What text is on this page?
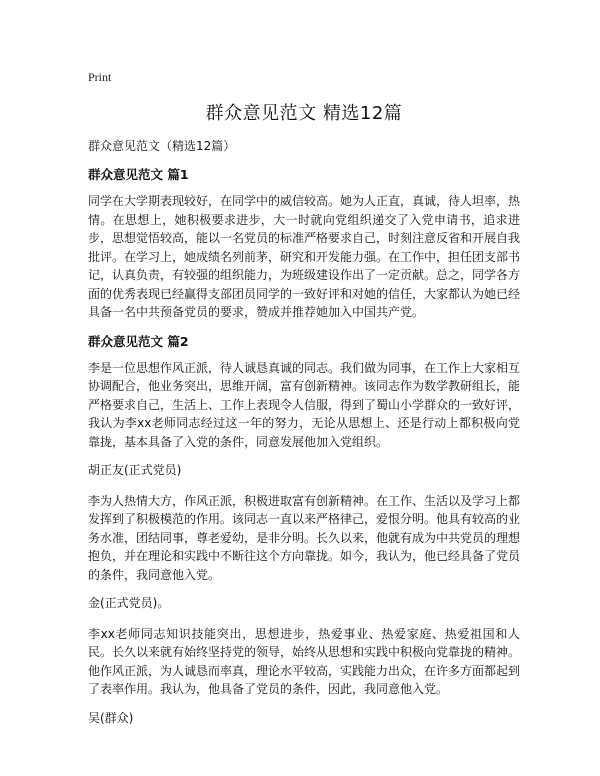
Print
群众意见范文 精选12篇
群众意见范文（精选12篇）
群众意见范文 篇1

同学在大学期表现较好，在同学中的威信较高。她为人正直，真诚，待人坦率，热情。在思想上，她积极要求进步，大一时就向党组织递交了入党申请书，追求进步，思想觉悟较高，能以一名党员的标准严格要求自己，时刻注意反省和开展自我批评。在学习上，她成绩名列前茅，研究和开发能力强。在工作中，担任团支部书记，认真负责，有较强的组织能力，为班级建设作出了一定贡献。总之，同学各方面的优秀表现已经赢得支部团员同学的一致好评和对她的信任，大家都认为她已经具备一名中共预备党员的要求，赞成并推荐她加入中国共产党。

群众意见范文 篇2

李是一位思想作风正派，待人诚恳真诚的同志。我们做为同事，在工作上大家相互协调配合，他业务突出，思维开阔，富有创新精神。该同志作为数学教研组长，能严格要求自己，生活上、工作上表现令人信服，得到了蜀山小学群众的一致好评，我认为李xx老师同志经过这一年的努力，无论从思想上、还是行动上都积极向党靠拢，基本具备了入党的条件，同意发展他加入党组织。

胡正友(正式党员)

李为人热情大方，作风正派，积极进取富有创新精神。在工作、生活以及学习上都发挥到了积极模范的作用。该同志一直以来严格律己，爱恨分明。他具有较高的业务水准，团结同事，尊老爱幼，是非分明。长久以来，他就有成为中共党员的理想抱负，并在理论和实践中不断往这个方向靠拢。如今，我认为，他已经具备了党员的条件，我同意他入党。

金(正式党员)。

李xx老师同志知识技能突出，思想进步，热爱事业、热爱家庭、热爱祖国和人民。长久以来就有始终坚持党的领导，始终从思想和实践中积极向党靠拢的精神。他作风正派，为人诚恳而率真，理论水平较高，实践能力出众，在许多方面都起到了表率作用。我认为，他具备了党员的条件，因此，我同意他入党。

吴(群众)
